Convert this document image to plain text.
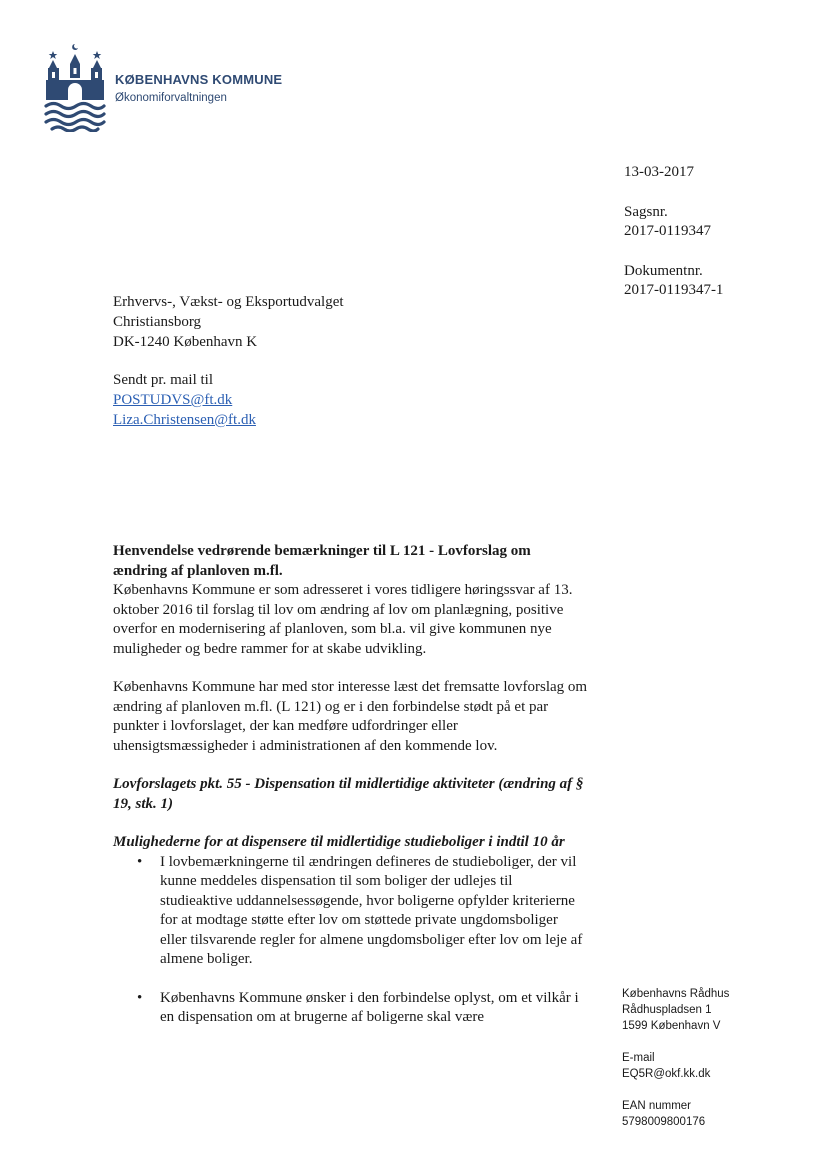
KØBENHAVNS KOMMUNE
Økonomiforvaltningen
13-03-2017
Sagsnr.
2017-0119347
Dokumentnr.
2017-0119347-1
Erhvervs-, Vækst- og Eksportudvalget
Christiansborg
DK-1240 København K
Sendt pr. mail til
POSTUDVS@ft.dk
Liza.Christensen@ft.dk

Henvendelse vedrørende bemærkninger til L 121 - Lovforslag om ændring af planloven m.fl.

Københavns Kommune er som adresseret i vores tidligere høringssvar af 13. oktober 2016 til forslag til lov om ændring af lov om planlægning, positive overfor en modernisering af planloven, som bl.a. vil give kommunen nye muligheder og bedre rammer for at skabe udvikling.

Københavns Kommune har med stor interesse læst det fremsatte lovforslag om ændring af planloven m.fl. (L 121) og er i den forbindelse stødt på et par punkter i lovforslaget, der kan medføre udfordringer eller uhensigtsmæssigheder i administrationen af den kommende lov.

Lovforslagets pkt. 55 - Dispensation til midlertidige aktiviteter (ændring af § 19, stk. 1)

Mulighederne for at dispensere til midlertidige studieboliger i indtil 10 år

• I lovbemærkningerne til ændringen defineres de studieboliger, der vil kunne meddeles dispensation til som boliger der udlejes til studieaktive uddannelsessøgende, hvor boligerne opfylder kriterierne for at modtage støtte efter lov om støttede private ungdomsboliger eller tilsvarende regler for almene ungdomsboliger efter lov om leje af almene boliger.
• Københavns Kommune ønsker i den forbindelse oplyst, om et vilkår i en dispensation om at brugerne af boligerne skal være
Københavns Rådhus
Rådhuspladsen 1
1599 København V
E-mail
EQ5R@okf.kk.dk
EAN nummer
5798009800176
